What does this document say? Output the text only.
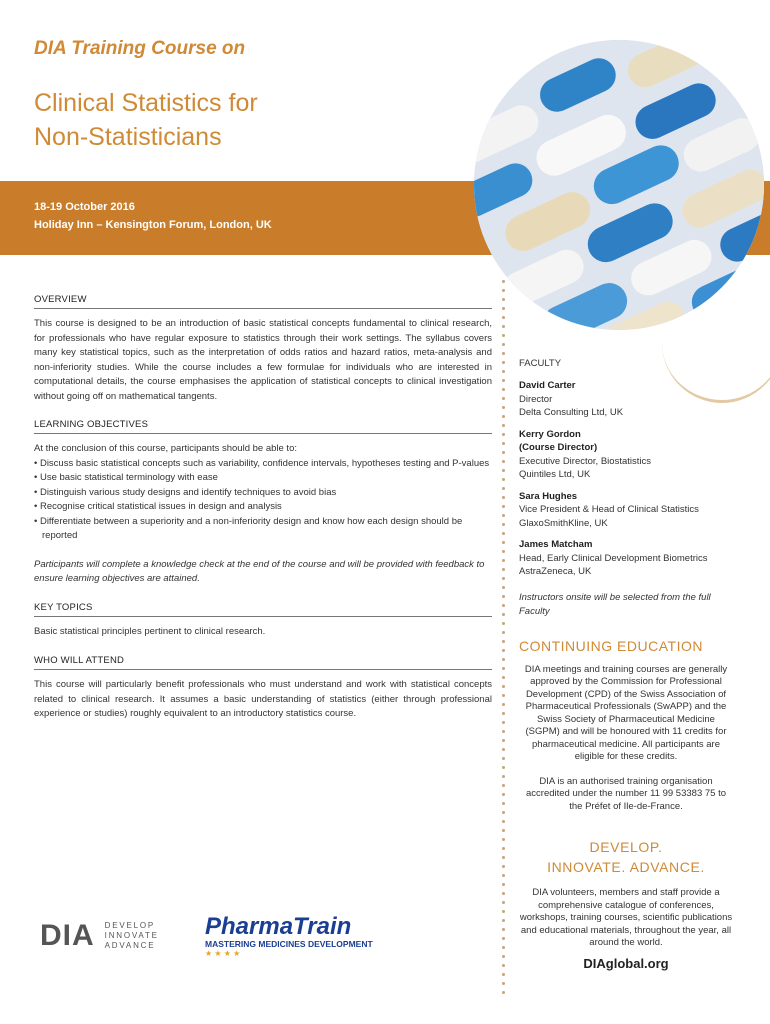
DIA Training Course on
Clinical Statistics for
Non-Statisticians
18-19 October 2016
Holiday Inn – Kensington Forum, London, UK
OVERVIEW
This course is designed to be an introduction of basic statistical concepts fundamental to clinical research, for professionals who have regular exposure to statistics through their work settings. The syllabus covers many key statistical topics, such as the interpretation of odds ratios and hazard ratios, meta-analysis and non-inferiority studies. While the course includes a few formulae for individuals who are interested in computational details, the course emphasises the application of statistical concepts to clinical investigation without going off on mathematical tangents.
LEARNING OBJECTIVES
At the conclusion of this course, participants should be able to:
• Discuss basic statistical concepts such as variability, confidence intervals, hypotheses testing and P-values
• Use basic statistical terminology with ease
• Distinguish various study designs and identify techniques to avoid bias
• Recognise critical statistical issues in design and analysis
• Differentiate between a superiority and a non-inferiority design and know how each design should be reported
Participants will complete a knowledge check at the end of the course and will be provided with feedback to ensure learning objectives are attained.
KEY TOPICS
Basic statistical principles pertinent to clinical research.
WHO WILL ATTEND
This course will particularly benefit professionals who must understand and work with statistical concepts related to clinical research. It assumes a basic understanding of statistics (either through professional experience or studies) roughly equivalent to an introductory statistics course.
FACULTY
David Carter
Director
Delta Consulting Ltd, UK
Kerry Gordon
(Course Director)
Executive Director, Biostatistics
Quintiles Ltd, UK
Sara Hughes
Vice President & Head of Clinical Statistics
GlaxoSmithKline, UK
James Matcham
Head, Early Clinical Development Biometrics
AstraZeneca, UK
Instructors onsite will be selected from the full Faculty
CONTINUING EDUCATION
DIA meetings and training courses are generally approved by the Commission for Professional Development (CPD) of the Swiss Association of Pharmaceutical Professionals (SwAPP) and the Swiss Society of Pharmaceutical Medicine (SGPM) and will be honoured with 11 credits for pharmaceutical medicine. All participants are eligible for these credits.
DIA is an authorised training organisation accredited under the number 11 99 53383 75 to the Préfet of Ile-de-France.
DEVELOP.
INNOVATE. ADVANCE.
DIA volunteers, members and staff provide a comprehensive catalogue of conferences, workshops, training courses, scientific publications and educational materials, throughout the year, all around the world.
DIAglobal.org
DIA DEVELOP
INNOVATE
ADVANCE
PharmaTrain
MASTERING MEDICINES DEVELOPMENT
★ ★ ★ ★
